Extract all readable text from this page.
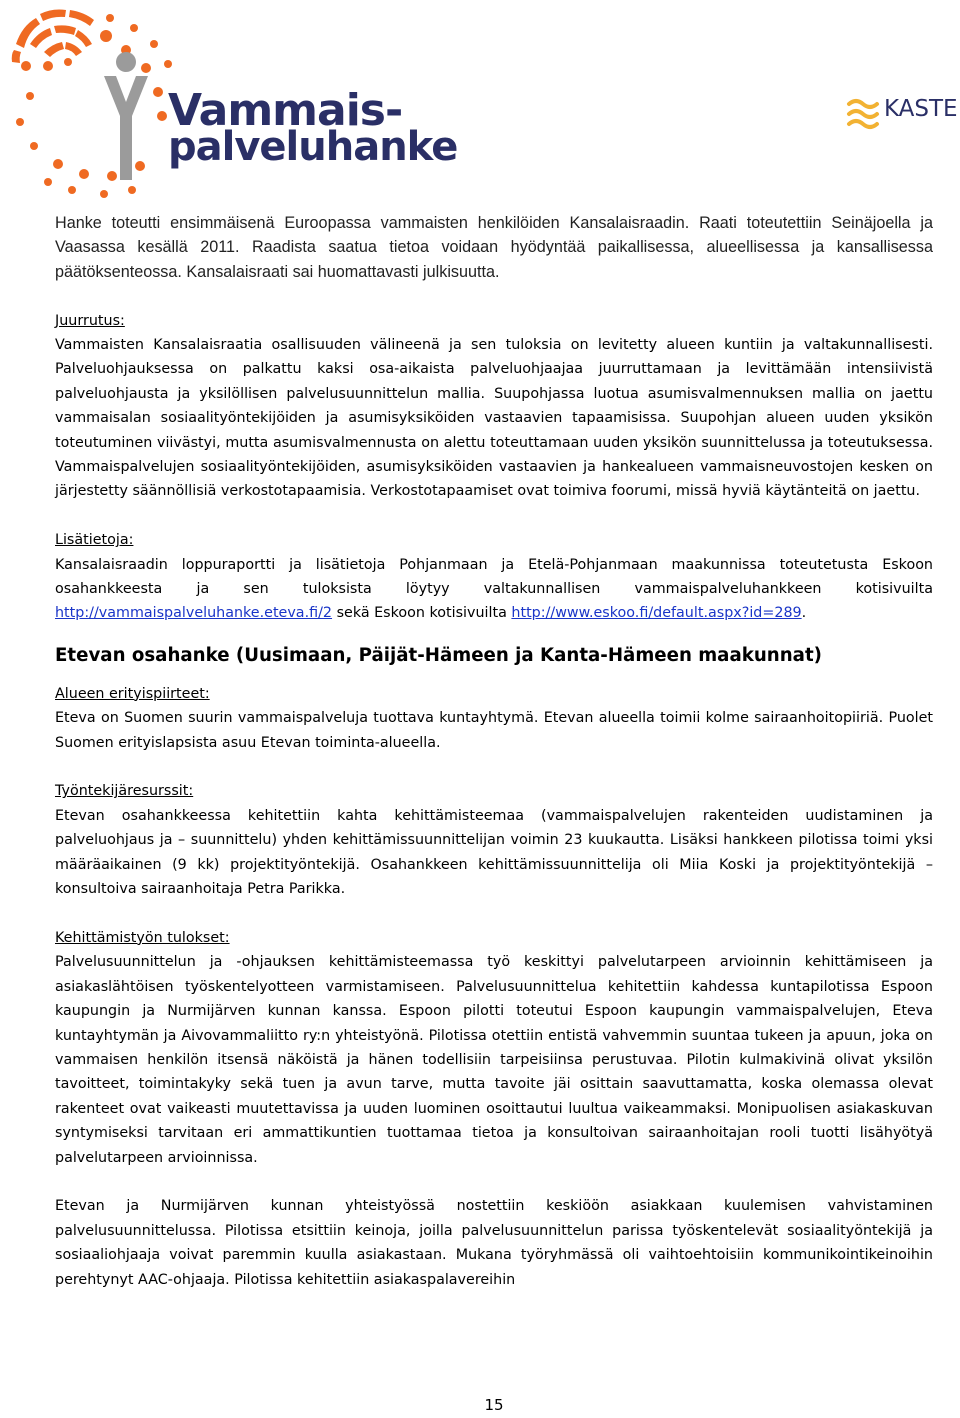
Vammais-
palveluhanke
KASTE

Hanke toteutti ensimmäisenä Euroopassa vammaisten henkilöiden Kansalaisraadin. Raati toteutettiin Seinäjoella ja Vaasassa kesällä 2011. Raadista saatua tietoa voidaan hyödyntää paikallisessa, alueellisessa ja kansallisessa päätöksenteossa. Kansalaisraati sai huomattavasti julkisuutta.

Juurrutus:

Vammaisten Kansalaisraatia osallisuuden välineenä ja sen tuloksia on levitetty alueen kuntiin ja valtakunnallisesti. Palveluohjauksessa on palkattu kaksi osa-aikaista palveluohjaajaa juurruttamaan ja levittämään intensiivistä palveluohjausta ja yksilöllisen palvelusuunnittelun mallia. Suupohjassa luotua asumisvalmennuksen mallia on jaettu vammaisalan sosiaalityöntekijöiden ja asumisyksiköiden vastaavien tapaamisissa. Suupohjan alueen uuden yksikön toteutuminen viivästyi, mutta asumisvalmennusta on alettu toteuttamaan uuden yksikön suunnittelussa ja toteutuksessa. Vammaispalvelujen sosiaalityöntekijöiden, asumisyksiköiden vastaavien ja hankealueen vammaisneuvostojen kesken on järjestetty säännöllisiä verkostotapaamisia. Verkostotapaamiset ovat toimiva foorumi, missä hyviä käytänteitä on jaettu.

Lisätietoja:

Kansalaisraadin loppuraportti ja lisätietoja Pohjanmaan ja Etelä-Pohjanmaan maakunnissa toteutetusta Eskoon osahankkeesta ja sen tuloksista löytyy valtakunnallisen vammaispalveluhankkeen kotisivuilta http://vammaispalveluhanke.eteva.fi/2 sekä Eskoon kotisivuilta http://www.eskoo.fi/default.aspx?id=289.

Etevan osahanke (Uusimaan, Päijät-Hämeen ja Kanta-Hämeen maakunnat)
Alueen erityispiirteet:

Eteva on Suomen suurin vammaispalveluja tuottava kuntayhtymä. Etevan alueella toimii kolme sairaanhoitopiiriä. Puolet Suomen erityislapsista asuu Etevan toiminta-alueella.

Työntekijäresurssit:

Etevan osahankkeessa kehitettiin kahta kehittämisteemaa (vammaispalvelujen rakenteiden uudistaminen ja palveluohjaus ja – suunnittelu) yhden kehittämissuunnittelijan voimin 23 kuukautta. Lisäksi hankkeen pilotissa toimi yksi määräaikainen (9 kk) projektityöntekijä. Osahankkeen kehittämissuunnittelija oli Miia Koski ja projektityöntekijä – konsultoiva sairaanhoitaja Petra Parikka.

Kehittämistyön tulokset:

Palvelusuunnittelun ja -ohjauksen kehittämisteemassa työ keskittyi palvelutarpeen arvioinnin kehittämiseen ja asiakaslähtöisen työskentelyotteen varmistamiseen. Palvelusuunnittelua kehitettiin kahdessa kuntapilotissa Espoon kaupungin ja Nurmijärven kunnan kanssa. Espoon pilotti toteutui Espoon kaupungin vammaispalvelujen, Eteva kuntayhtymän ja Aivovammaliitto ry:n yhteistyönä. Pilotissa otettiin entistä vahvemmin suuntaa tukeen ja apuun, joka on vammaisen henkilön itsensä näköistä ja hänen todellisiin tarpeisiinsa perustuvaa. Pilotin kulmakivinä olivat yksilön tavoitteet, toimintakyky sekä tuen ja avun tarve, mutta tavoite jäi osittain saavuttamatta, koska olemassa olevat rakenteet ovat vaikeasti muutettavissa ja uuden luominen osoittautui luultua vaikeammaksi. Monipuolisen asiakaskuvan syntymiseksi tarvitaan eri ammattikuntien tuottamaa tietoa ja konsultoivan sairaanhoitajan rooli tuotti lisähyötyä palvelutarpeen arvioinnissa.

Etevan ja Nurmijärven kunnan yhteistyössä nostettiin keskiöön asiakkaan kuulemisen vahvistaminen palvelusuunnittelussa. Pilotissa etsittiin keinoja, joilla palvelusuunnittelun parissa työskentelevät sosiaalityöntekijä ja sosiaaliohjaaja voivat paremmin kuulla asiakastaan. Mukana työryhmässä oli vaihtoehtoisiin kommunikointikeinoihin perehtynyt AAC-ohjaaja. Pilotissa kehitettiin asiakaspalavereihin

15
